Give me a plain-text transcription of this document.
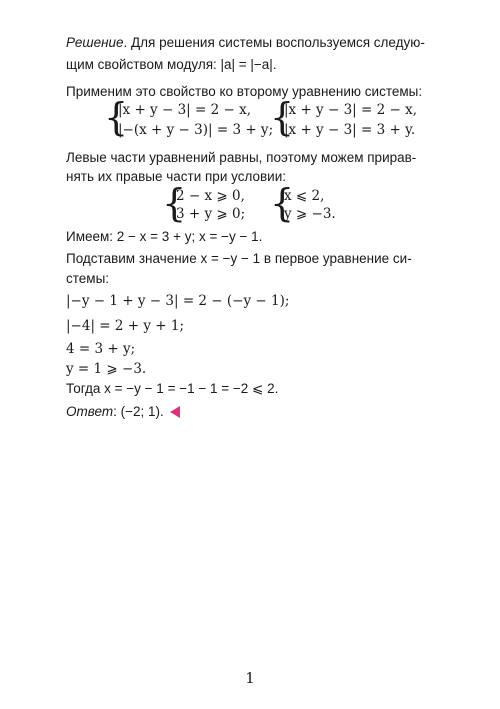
Решение. Для решения системы воспользуемся следую-
щим свойством модуля: |a| = |−a|.
Применим это свойство ко второму уравнению системы:
{
|x + y − 3| = 2 − x,
|−(x + y − 3)| = 3 + y;
{
|x + y − 3| = 2 − x,
|x + y − 3| = 3 + y.
Левые части уравнений равны, поэтому можем прирав-
нять их правые части при условии:
{
2 − x ⩾ 0,
3 + y ⩾ 0; {
x ⩽ 2,
y ⩾ −3.
Имеем: 2 − x = 3 + y; x = −y − 1.
Подставим значение x = −y − 1 в первое уравнение си-
стемы:
|−y − 1 + y − 3| = 2 − (−y − 1);
|−4| = 2 + y + 1;
4 = 3 + y;
y = 1 ⩾ −3.
Тогда x = −y − 1 = −1 − 1 = −2 ⩽ 2.
Ответ: (−2; 1).
1
